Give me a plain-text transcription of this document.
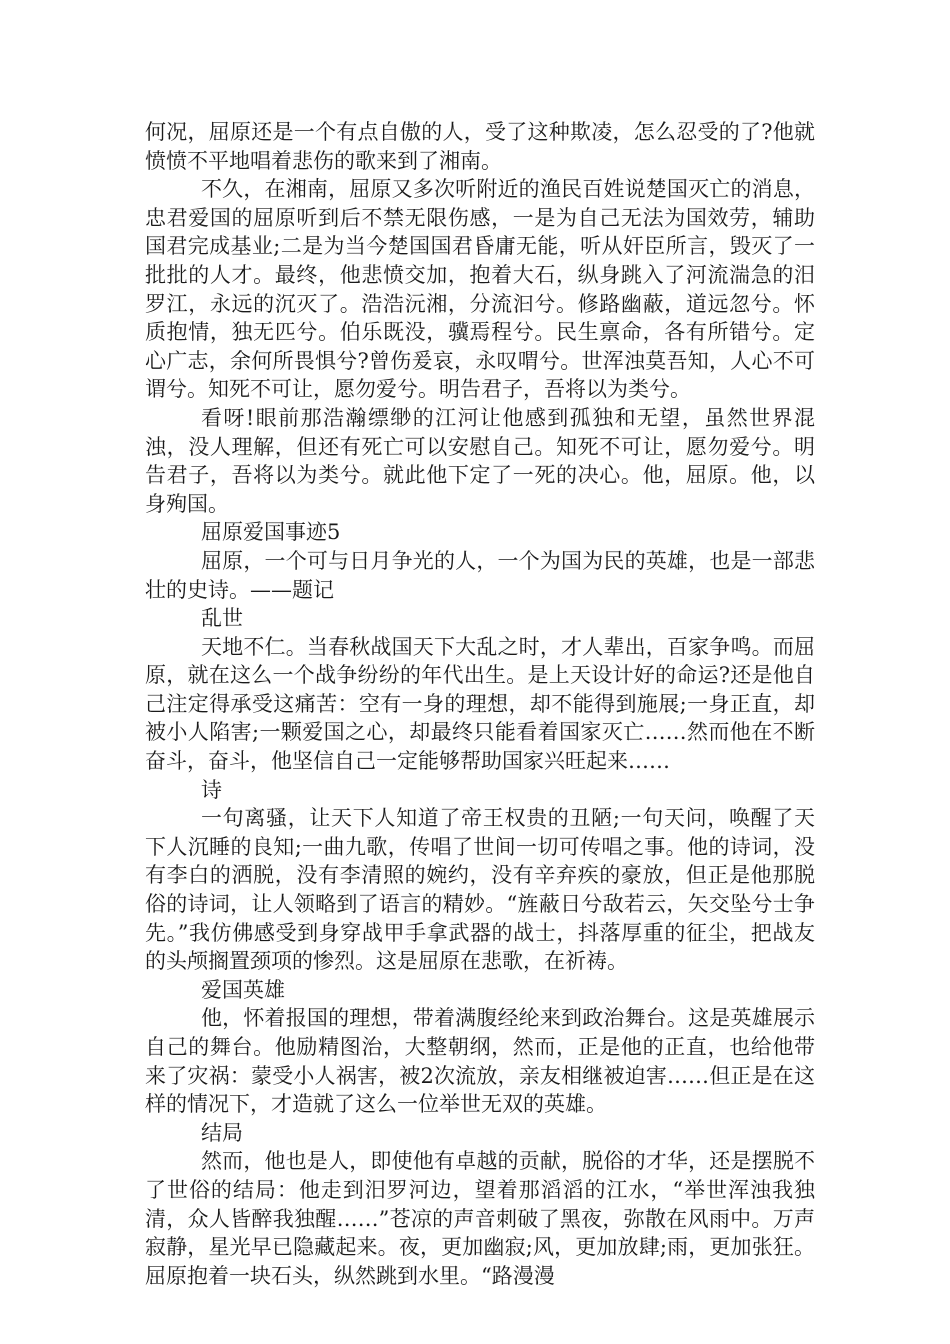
何况，屈原还是一个有点自傲的人，受了这种欺凌，怎么忍受的了?他就愤愤不平地唱着悲伤的歌来到了湘南。

不久，在湘南，屈原又多次听附近的渔民百姓说楚国灭亡的消息，忠君爱国的屈原听到后不禁无限伤感，一是为自己无法为国效劳，辅助国君完成基业;二是为当今楚国国君昏庸无能，听从奸臣所言，毁灭了一批批的人才。最终，他悲愤交加，抱着大石，纵身跳入了河流湍急的汨罗江，永远的沉灭了。浩浩沅湘，分流汩兮。修路幽蔽，道远忽兮。怀质抱情，独无匹兮。伯乐既没，骥焉程兮。民生禀命，各有所错兮。定心广志，余何所畏惧兮?曾伤爰哀，永叹喟兮。世浑浊莫吾知，人心不可谓兮。知死不可让，愿勿爱兮。明告君子，吾将以为类兮。

看呀!眼前那浩瀚缥缈的江河让他感到孤独和无望，虽然世界混浊，没人理解，但还有死亡可以安慰自己。知死不可让，愿勿爱兮。明告君子，吾将以为类兮。就此他下定了一死的决心。他，屈原。他，以身殉国。

屈原爱国事迹5

屈原，一个可与日月争光的人，一个为国为民的英雄，也是一部悲壮的史诗。——题记

乱世

天地不仁。当春秋战国天下大乱之时，才人辈出，百家争鸣。而屈原，就在这么一个战争纷纷的年代出生。是上天设计好的命运?还是他自己注定得承受这痛苦：空有一身的理想，却不能得到施展;一身正直，却被小人陷害;一颗爱国之心，却最终只能看着国家灭亡……然而他在不断奋斗，奋斗，他坚信自己一定能够帮助国家兴旺起来……

诗

一句离骚，让天下人知道了帝王权贵的丑陋;一句天问，唤醒了天下人沉睡的良知;一曲九歌，传唱了世间一切可传唱之事。他的诗词，没有李白的洒脱，没有李清照的婉约，没有辛弃疾的豪放，但正是他那脱俗的诗词，让人领略到了语言的精妙。“旌蔽日兮敌若云，矢交坠兮士争先。”我仿佛感受到身穿战甲手拿武器的战士，抖落厚重的征尘，把战友的头颅搁置颈项的惨烈。这是屈原在悲歌，在祈祷。

爱国英雄

他，怀着报国的理想，带着满腹经纶来到政治舞台。这是英雄展示自己的舞台。他励精图治，大整朝纲，然而，正是他的正直，也给他带来了灾祸：蒙受小人祸害，被2次流放，亲友相继被迫害……但正是在这样的情况下，才造就了这么一位举世无双的英雄。

结局

然而，他也是人，即使他有卓越的贡献，脱俗的才华，还是摆脱不了世俗的结局：他走到汨罗河边，望着那滔滔的江水，“举世浑浊我独清，众人皆醉我独醒……”苍凉的声音刺破了黑夜，弥散在风雨中。万声寂静，星光早已隐藏起来。夜，更加幽寂;风，更加放肆;雨，更加张狂。屈原抱着一块石头，纵然跳到水里。“路漫漫
